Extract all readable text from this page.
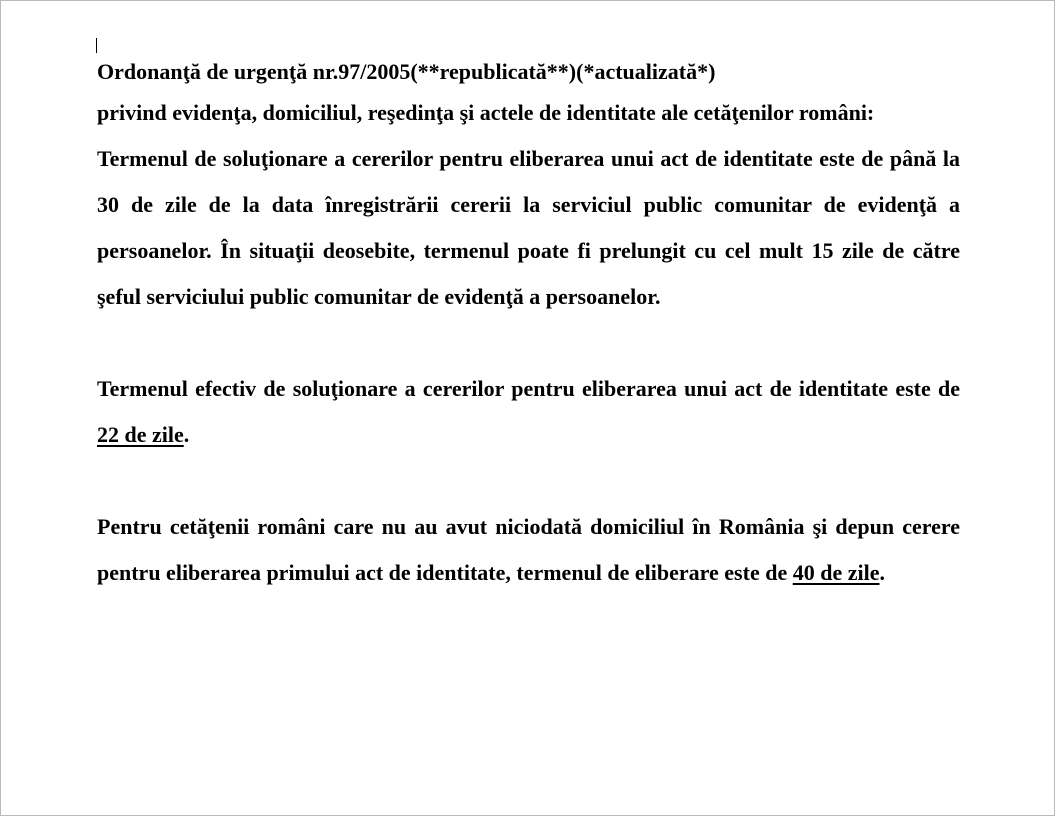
Ordonanţă de urgenţă nr.97/2005(**republicată**)(*actualizată*)

privind evidenţa, domiciliul, reşedinţa şi actele de identitate ale cetăţenilor români:

Termenul de soluţionare a cererilor pentru eliberarea unui act de identitate este de până la 30 de zile de la data înregistrării cererii la serviciul public comunitar de evidenţă a persoanelor. În situaţii deosebite, termenul poate fi prelungit cu cel mult 15 zile de către şeful serviciului public comunitar de evidenţă a persoanelor.

Termenul efectiv de soluţionare a cererilor pentru eliberarea unui act de identitate este de 22 de zile.

Pentru cetăţenii români care nu au avut niciodată domiciliul în România şi depun cerere pentru eliberarea primului act de identitate, termenul de eliberare este de 40 de zile.
